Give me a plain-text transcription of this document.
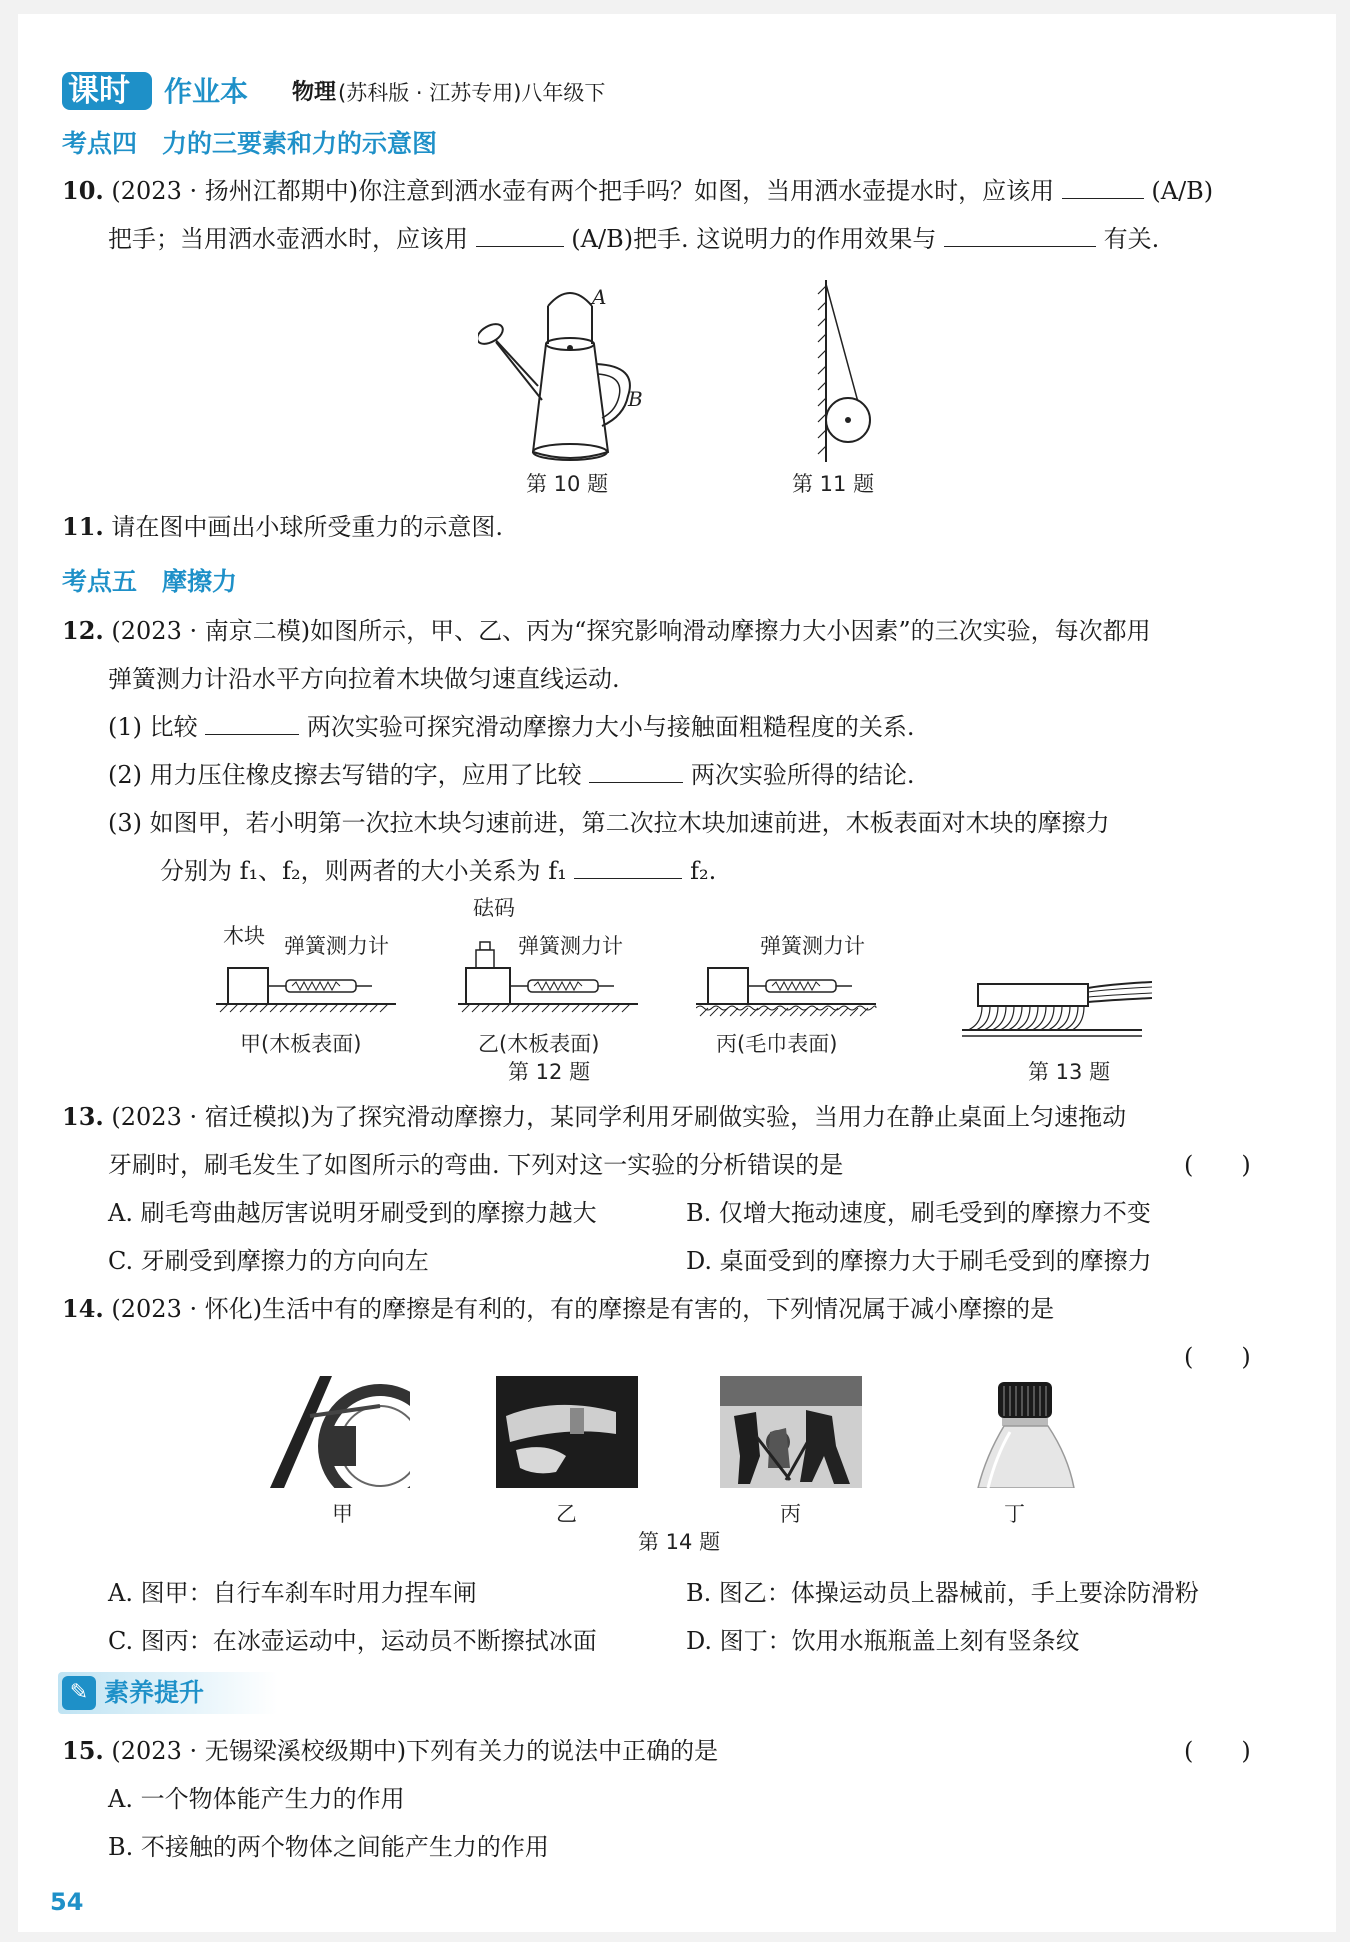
课时 作业本 物理 (苏科版 · 江苏专用)八年级下
考点四　力的三要素和力的示意图
10. (2023 · 扬州江都期中)你注意到洒水壶有两个把手吗？如图，当用洒水壶提水时，应该用	(A/B)
把手；当用洒水壶洒水时，应该用	(A/B)把手. 这说明力的作用效果与	有关.
A
B
第 10 题	第 11 题
11. 请在图中画出小球所受重力的示意图.
考点五　摩擦力
12. (2023 · 南京二模)如图所示，甲、乙、丙为“探究影响滑动摩擦力大小因素”的三次实验，每次都用
弹簧测力计沿水平方向拉着木块做匀速直线运动.
(1) 比较	两次实验可探究滑动摩擦力大小与接触面粗糙程度的关系.
(2) 用力压住橡皮擦去写错的字，应用了比较	两次实验所得的结论.
(3) 如图甲，若小明第一次拉木块匀速前进，第二次拉木块加速前进，木板表面对木块的摩擦力
分别为 f₁、f₂，则两者的大小关系为 f₁	f₂.
砝码
木块 弹簧测力计	弹簧测力计	弹簧测力计
甲(木板表面)	乙(木板表面)	丙(毛巾表面)
第 12 题	第 13 题
13. (2023 · 宿迁模拟)为了探究滑动摩擦力，某同学利用牙刷做实验，当用力在静止桌面上匀速拖动
牙刷时，刷毛发生了如图所示的弯曲. 下列对这一实验的分析错误的是	(　　)
A. 刷毛弯曲越厉害说明牙刷受到的摩擦力越大	B. 仅增大拖动速度，刷毛受到的摩擦力不变
C. 牙刷受到摩擦力的方向向左	D. 桌面受到的摩擦力大于刷毛受到的摩擦力
14. (2023 · 怀化)生活中有的摩擦是有利的，有的摩擦是有害的，下列情况属于减小摩擦的是
(　　)
甲	乙	丙	丁
第 14 题
A. 图甲：自行车刹车时用力捏车闸	B. 图乙：体操运动员上器械前，手上要涂防滑粉
C. 图丙：在冰壶运动中，运动员不断擦拭冰面	D. 图丁：饮用水瓶瓶盖上刻有竖条纹
✎ 素养提升
15. (2023 · 无锡梁溪校级期中)下列有关力的说法中正确的是	(　　)
A. 一个物体能产生力的作用
B. 不接触的两个物体之间能产生力的作用
54
